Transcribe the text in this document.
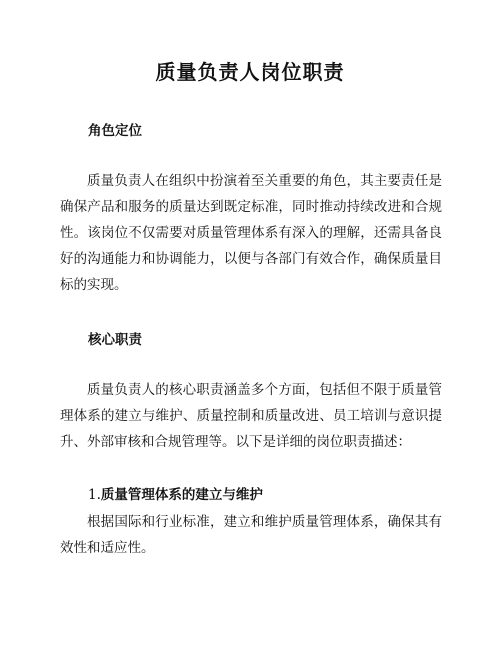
质量负责人岗位职责
角色定位

质量负责人在组织中扮演着至关重要的角色，其主要责任是确保产品和服务的质量达到既定标准，同时推动持续改进和合规性。该岗位不仅需要对质量管理体系有深入的理解，还需具备良好的沟通能力和协调能力，以便与各部门有效合作，确保质量目标的实现。

核心职责

质量负责人的核心职责涵盖多个方面，包括但不限于质量管理体系的建立与维护、质量控制和质量改进、员工培训与意识提升、外部审核和合规管理等。以下是详细的岗位职责描述：

1.质量管理体系的建立与维护

根据国际和行业标准，建立和维护质量管理体系，确保其有效性和适应性。
